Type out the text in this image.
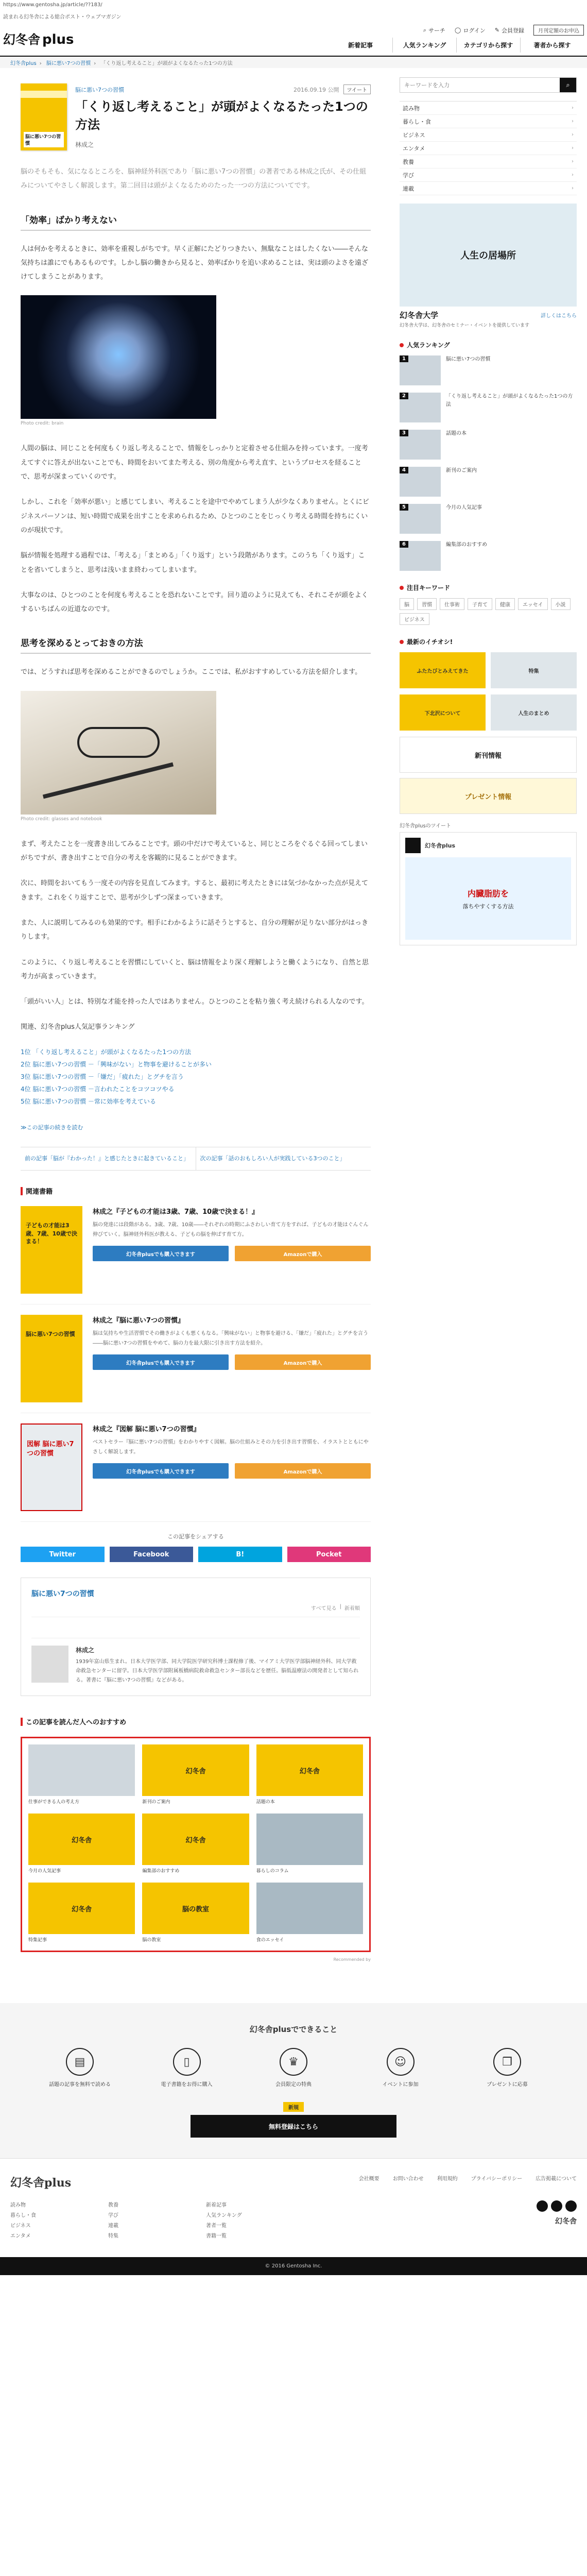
https://www.gentosha.jp/article/??183/
読まれる幻冬舎による総合ポスト・ウェブマガジン
幻冬舎 plus
⌕ サーチ ◯ ログイン ✎ 会員登録	月刊定額のお申込
新着記事	人気ランキング	カテゴリから探す	著者から探す
幻冬舎plus › 脳に悪い7つの習慣 › 「くり返し考えること」が頭がよくなるたった1つの方法
脳に悪い7つの習慣
脳に悪い7つの習慣
「くり返し考えること」が頭がよくなるたった1つの方法
林成之
2016.09.19 公開	ツイート

脳のそもそも、気になるところを、脳神経外科医であり「脳に悪い7つの習慣」の著者である林成之氏が、その仕組みについてやさしく解説します。第二回目は頭がよくなるためのたった一つの方法についてです。

「効率」ばかり考えない

人は何かを考えるときに、効率を重視しがちです。早く正解にたどりつきたい、無駄なことはしたくない――そんな気持ちは誰にでもあるものです。しかし脳の働きから見ると、効率ばかりを追い求めることは、実は頭のよさを遠ざけてしまうことがあります。

Photo credit: brain

人間の脳は、同じことを何度もくり返し考えることで、情報をしっかりと定着させる仕組みを持っています。一度考えてすぐに答えが出ないことでも、時間をおいてまた考える、別の角度から考え直す、というプロセスを経ることで、思考が深まっていくのです。

しかし、これを「効率が悪い」と感じてしまい、考えることを途中でやめてしまう人が少なくありません。とくにビジネスパーソンは、短い時間で成果を出すことを求められるため、ひとつのことをじっくり考える時間を持ちにくいのが現状です。

脳が情報を処理する過程では、「考える」「まとめる」「くり返す」という段階があります。このうち「くり返す」ことを省いてしまうと、思考は浅いまま終わってしまいます。

大事なのは、ひとつのことを何度も考えることを恐れないことです。回り道のように見えても、それこそが頭をよくするいちばんの近道なのです。

思考を深めるとっておきの方法

では、どうすれば思考を深めることができるのでしょうか。ここでは、私がおすすめしている方法を紹介します。

Photo credit: glasses and notebook

まず、考えたことを一度書き出してみることです。頭の中だけで考えていると、同じところをぐるぐる回ってしまいがちですが、書き出すことで自分の考えを客観的に見ることができます。

次に、時間をおいてもう一度その内容を見直してみます。すると、最初に考えたときには気づかなかった点が見えてきます。これをくり返すことで、思考が少しずつ深まっていきます。

また、人に説明してみるのも効果的です。相手にわかるように話そうとすると、自分の理解が足りない部分がはっきりします。

このように、くり返し考えることを習慣にしていくと、脳は情報をより深く理解しようと働くようになり、自然と思考力が高まっていきます。

「頭がいい人」とは、特別な才能を持った人ではありません。ひとつのことを粘り強く考え続けられる人なのです。

関連、幻冬舎plus人気記事ランキング

1位 「くり返し考えること」が頭がよくなるたった1つの方法
2位 脳に悪い7つの習慣 －「興味がない」と物事を避けることが多い
3位 脳に悪い7つの習慣 －「嫌だ」「疲れた」とグチを言う
4位 脳に悪い7つの習慣 －言われたことをコツコツやる
5位 脳に悪い7つの習慣 －常に効率を考えている
≫この記事の続きを読む
前の記事「脳が『わかった！』と感じたときに起きていること」	次の記事「話のおもしろい人が実践している3つのこと」
関連書籍
子どもの才能は3歳、7歳、10歳で決まる！
林成之『子どもの才能は3歳、7歳、10歳で決まる！』
脳の発達には段階がある。3歳、7歳、10歳――それぞれの時期にふさわしい育て方をすれば、子どもの才能はぐんぐん伸びていく。脳神経外科医が教える、子どもの脳を伸ばす育て方。
幻冬舎plusでも購入できます	Amazonで購入
脳に悪い7つの習慣
林成之『脳に悪い7つの習慣』
脳は気持ちや生活習慣でその働きがよくも悪くもなる。「興味がない」と物事を避ける、「嫌だ」「疲れた」とグチを言う――脳に悪い7つの習慣をやめて、脳の力を最大限に引き出す方法を紹介。
幻冬舎plusでも購入できます	Amazonで購入
図解 脳に悪い7つの習慣
林成之『図解 脳に悪い7つの習慣』
ベストセラー『脳に悪い7つの習慣』をわかりやすく図解。脳の仕組みとその力を引き出す習慣を、イラストとともにやさしく解説します。
幻冬舎plusでも購入できます	Amazonで購入
この記事をシェアする
Twitter	Facebook	B!	Pocket
脳に悪い7つの習慣
すべて見る | 新着順
林成之
1939年富山県生まれ。日本大学医学部、同大学院医学研究科博士課程修了後、マイアミ大学医学部脳神経外科、同大学救命救急センターに留学。日本大学医学部附属板橋病院救命救急センター部長などを歴任。脳低温療法の開発者として知られる。著書に『脳に悪い7つの習慣』などがある。
この記事を読んだ人へのおすすめ
仕事ができる人の考え方
幻冬舎
新刊のご案内
幻冬舎
話題の本
幻冬舎
今月の人気記事
幻冬舎
編集部のおすすめ	暮らしのコラム
幻冬舎
特集記事
脳の教室
脳の教室	食のエッセイ
Recommended by
キーワードを入力
⌕
読み物	›
暮らし・食	›
ビジネス	›
エンタメ	›
教養	›
学び	›
連載	›
人生の居場所
幻冬舎大学	詳しくはこちら
幻冬舎大学は、幻冬舎のセミナー・イベントを提供しています
人気ランキング
1	脳に悪い7つの習慣
2	「くり返し考えること」が頭がよくなるたった1つの方法
3	話題の本
4	新刊のご案内
5	今月の人気記事
6	編集部のおすすめ
注目キーワード
脳	習慣	仕事術	子育て	健康	エッセイ	小説
ビジネス
最新のイチオシ!
ふたたびとみえてきた	特集
下北沢について	人生のまとめ
新刊情報
プレゼント情報
幻冬舎plusのツイート
幻冬舎plus
内臓脂肪を
落ちやすくする方法
幻冬舎plusでできること
▤
話題の記事を無料で読める
▯
電子書籍をお得に購入
♛
会員限定の特典
☺
イベントに参加
❒
プレゼントに応募
新規
無料登録はこちら
幻冬舎plus	会社概要	お問い合わせ	利用規約	プライバシーポリシー	広告掲載について
読み物
暮らし・食
ビジネス
エンタメ
教養
学び
連載
特集
新着記事
人気ランキング
著者一覧
書籍一覧
幻冬舎
© 2016 Gentosha Inc.
